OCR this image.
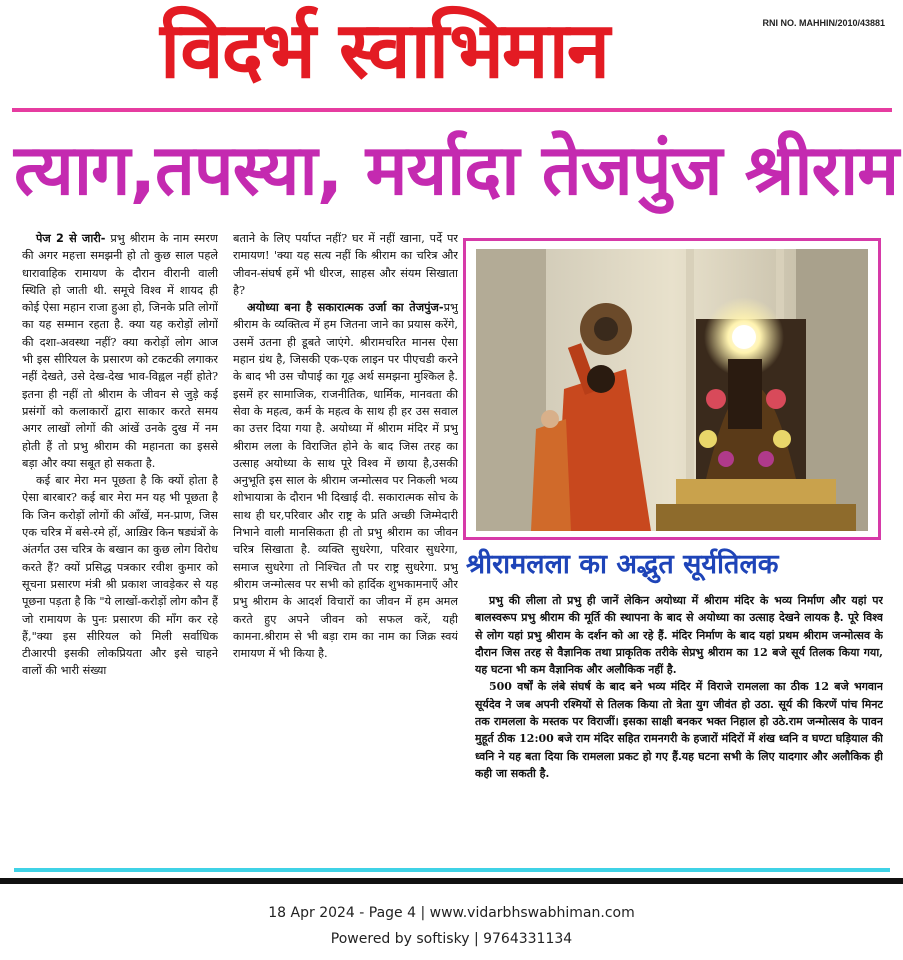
विदर्भ स्वाभिमान	RNI NO. MAHHIN/2010/43881
त्याग,तपस्या, मर्यादा तेजपुंज श्रीराम

पेज 2 से जारी- प्रभु श्रीराम के नाम स्मरण की अगर महत्ता समझनी हो तो कुछ साल पहले धारावाहिक रामायण के दौरान वीरानी वाली स्थिति हो जाती थी. समूचे विश्व में शायद ही कोई ऐसा महान राजा हुआ हो, जिनके प्रति लोगों का यह सम्मान रहता है. क्या यह करोड़ों लोगों की दशा-अवस्था नहीं? क्या करोड़ों लोग आज भी इस सीरियल के प्रसारण को टकटकी लगाकर नहीं देखते, उसे देख-देख भाव-विह्वल नहीं होते? इतना ही नहीं तो श्रीराम के जीवन से जुड़े कई प्रसंगों को कलाकारों द्वारा साकार करते समय अगर लाखों लोगों की आंखें उनके दुख में नम होती हैं तो प्रभु श्रीराम की महानता का इससे बड़ा और क्या सबूत हो सकता है.

कई बार मेरा मन पूछता है कि क्यों होता है ऐसा बारबार? कई बार मेरा मन यह भी पूछता है कि जिन करोड़ों लोगों की आँखें, मन-प्राण, जिस एक चरित्र में बसे-रमे हों, आख़िर किन षड्यंत्रों के अंतर्गत उस चरित्र के बखान का कुछ लोग विरोध करते हैं? क्यों प्रसिद्ध पत्रकार रवीश कुमार को सूचना प्रसारण मंत्री श्री प्रकाश जावड़ेकर से यह पूछना पड़ता है कि "ये लाखों-करोड़ों लोग कौन हैं जो रामायण के पुनः प्रसारण की माँग कर रहे हैं,"क्या इस सीरियल को मिली सर्वाधिक टीआरपी इसकी लोकप्रियता और इसे चाहने वालों की भारी संख्या

बताने के लिए पर्याप्त नहीं? घर में नहीं खाना, पर्दे पर रामायण! 'क्या यह सत्य नहीं कि श्रीराम का चरित्र और जीवन-संघर्ष हमें भी धीरज, साहस और संयम सिखाता है?

अयोध्या बना है सकारात्मक उर्जा का तेजपुंज-प्रभु श्रीराम के व्यक्तित्व में हम जितना जाने का प्रयास करेंगे, उसमें उतना ही डूबते जाएंगे. श्रीरामचरित मानस ऐसा महान ग्रंथ है, जिसकी एक-एक लाइन पर पीएचडी करने के बाद भी उस चौपाई का गूढ़ अर्थ समझना मुश्किल है. इसमें हर सामाजिक, राजनीतिक, धार्मिक, मानवता की सेवा के महत्व, कर्म के महत्व के साथ ही हर उस सवाल का उत्तर दिया गया है. अयोध्या में श्रीराम मंदिर में प्रभु श्रीराम लला के विराजित होने के बाद जिस तरह का उत्साह अयोध्या के साथ पूरे विश्व में छाया है,उसकी अनुभूति इस साल के श्रीराम जन्मोत्सव पर निकली भव्य शोभायात्रा के दौरान भी दिखाई दी. सकारात्मक सोच के साथ ही घर,परिवार और राष्ट्र के प्रति अच्छी जिम्मेदारी निभाने वाली मानसिकता ही तो प्रभु श्रीराम का जीवन चरित्र सिखाता है. व्यक्ति सुधरेगा, परिवार सुधरेगा, समाज सुधरेगा तो निश्चित तौ पर राष्ट्र सुधरेगा. प्रभु श्रीराम जन्मोत्सव पर सभी को हार्दिक शुभकामनाएँ और प्रभु श्रीराम के आदर्श विचारों का जीवन में हम अमल करते हुए अपने जीवन को सफल करें, यही कामना.श्रीराम से भी बड़ा राम का नाम का जिक्र स्वयं रामायण में भी किया है.

श्रीरामलला का अद्भुत सूर्यतिलक

प्रभु की लीला तो प्रभु ही जानें लेकिन अयोध्या में श्रीराम मंदिर के भव्य निर्माण और यहां पर बालस्वरूप प्रभु श्रीराम की मूर्ति की स्थापना के बाद से अयोध्या का उत्साह देखने लायक है. पूरे विश्व से लोग यहां प्रभु श्रीराम के दर्शन को आ रहे हैं. मंदिर निर्माण के बाद यहां प्रथम श्रीराम जन्मोत्सव के दौरान जिस तरह से वैज्ञानिक तथा प्राकृतिक तरीके सेप्रभु श्रीराम का 12 बजे सूर्य तिलक किया गया, यह घटना भी कम वैज्ञानिक और अलौकिक नहीं है.

500 वर्षों के लंबे संघर्ष के बाद बने भव्य मंदिर में विराजे रामलला का ठीक 12 बजे भगवान सूर्यदेव ने जब अपनी रश्मियों से तिलक किया तो त्रेता युग जीवंत हो उठा. सूर्य की किरणें पांच मिनट तक रामलला के मस्तक पर विराजीं। इसका साक्षी बनकर भक्त निहाल हो उठे.राम जन्मोत्सव के पावन मुहूर्त ठीक 12:00 बजे राम मंदिर सहित रामनगरी के हजारों मंदिरों में शंख ध्वनि व घण्टा घड़ियाल की ध्वनि ने यह बता दिया कि रामलला प्रकट हो गए हैं.यह घटना सभी के लिए यादगार और अलौकिक ही कही जा सकती है.

18 Apr 2024 - Page 4 | www.vidarbhswabhiman.com
Powered by softisky | 9764331134
